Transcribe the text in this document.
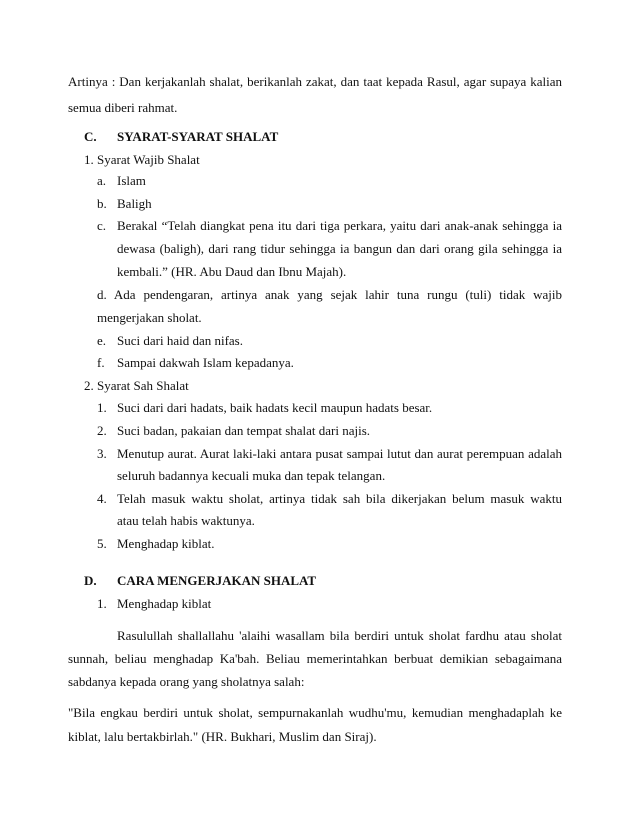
Artinya : Dan kerjakanlah shalat, berikanlah zakat, dan taat kepada Rasul, agar supaya kalian
semua diberi rahmat.
C. SYARAT-SYARAT SHALAT
1. Syarat Wajib Shalat
a. Islam
b. Baligh
c. Berakal “Telah diangkat pena itu dari tiga perkara, yaitu dari anak-anak sehingga ia
dewasa (baligh), dari rang tidur sehingga ia bangun dan dari orang gila sehingga ia
kembali.” (HR. Abu Daud dan Ibnu Majah).
d. Ada pendengaran, artinya anak yang sejak lahir tuna rungu (tuli) tidak wajib
mengerjakan sholat.
e. Suci dari haid dan nifas.
f. Sampai dakwah Islam kepadanya.
2. Syarat Sah Shalat
1. Suci dari dari hadats, baik hadats kecil maupun hadats besar.
2. Suci badan, pakaian dan tempat shalat dari najis.
3. Menutup aurat. Aurat laki-laki antara pusat sampai lutut dan aurat perempuan adalah
seluruh badannya kecuali muka dan tepak telangan.
4. Telah masuk waktu sholat, artinya tidak sah bila dikerjakan belum masuk waktu
atau telah habis waktunya.
5. Menghadap kiblat.
D. CARA MENGERJAKAN SHALAT
1. Menghadap kiblat
Rasulullah shallallahu 'alaihi wasallam bila berdiri untuk sholat fardhu atau sholat
sunnah, beliau menghadap Ka'bah. Beliau memerintahkan berbuat demikian sebagaimana
sabdanya kepada orang yang sholatnya salah:
"Bila engkau berdiri untuk sholat, sempurnakanlah wudhu'mu, kemudian menghadaplah ke
kiblat, lalu bertakbirlah." (HR. Bukhari, Muslim dan Siraj).
